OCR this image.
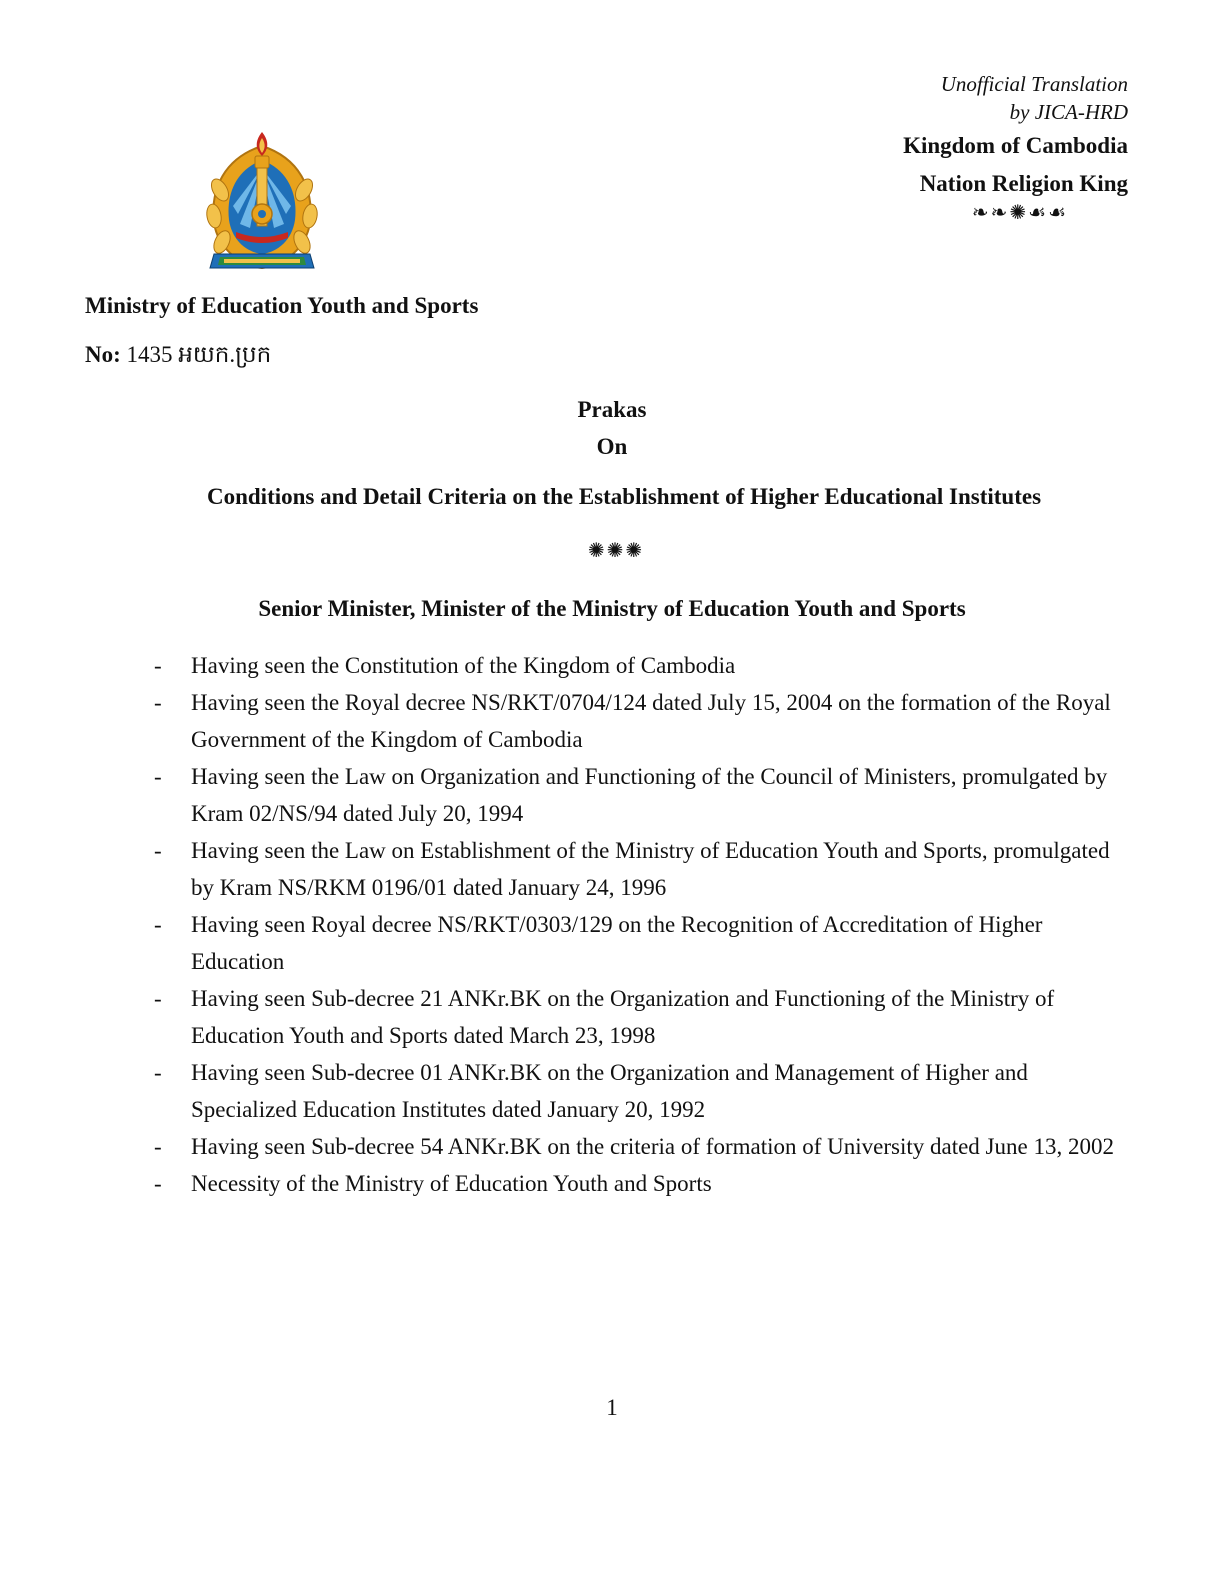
Unofficial Translation
by JICA-HRD
Kingdom of Cambodia
Nation Religion King
❧❧✺☙☙
Ministry of Education Youth and Sports
No: 1435 អយក.ប្រក
Prakas
On
Conditions and Detail Criteria on the Establishment of Higher Educational Institutes
✺✺✺
Senior Minister, Minister of the Ministry of Education Youth and Sports
- Having seen the Constitution of the Kingdom of Cambodia
- Having seen the Royal decree NS/RKT/0704/124 dated July 15, 2004 on the formation of the Royal Government of the Kingdom of Cambodia
- Having seen the Law on Organization and Functioning of the Council of Ministers, promulgated by Kram 02/NS/94 dated July 20, 1994
- Having seen the Law on Establishment of the Ministry of Education Youth and Sports, promulgated by Kram NS/RKM 0196/01 dated January 24, 1996
- Having seen Royal decree NS/RKT/0303/129 on the Recognition of Accreditation of Higher Education
- Having seen Sub-decree 21 ANKr.BK on the Organization and Functioning of the Ministry of Education Youth and Sports dated March 23, 1998
- Having seen Sub-decree 01 ANKr.BK on the Organization and Management of Higher and Specialized Education Institutes dated January 20, 1992
- Having seen Sub-decree 54 ANKr.BK on the criteria of formation of University dated June 13, 2002
- Necessity of the Ministry of Education Youth and Sports
1
